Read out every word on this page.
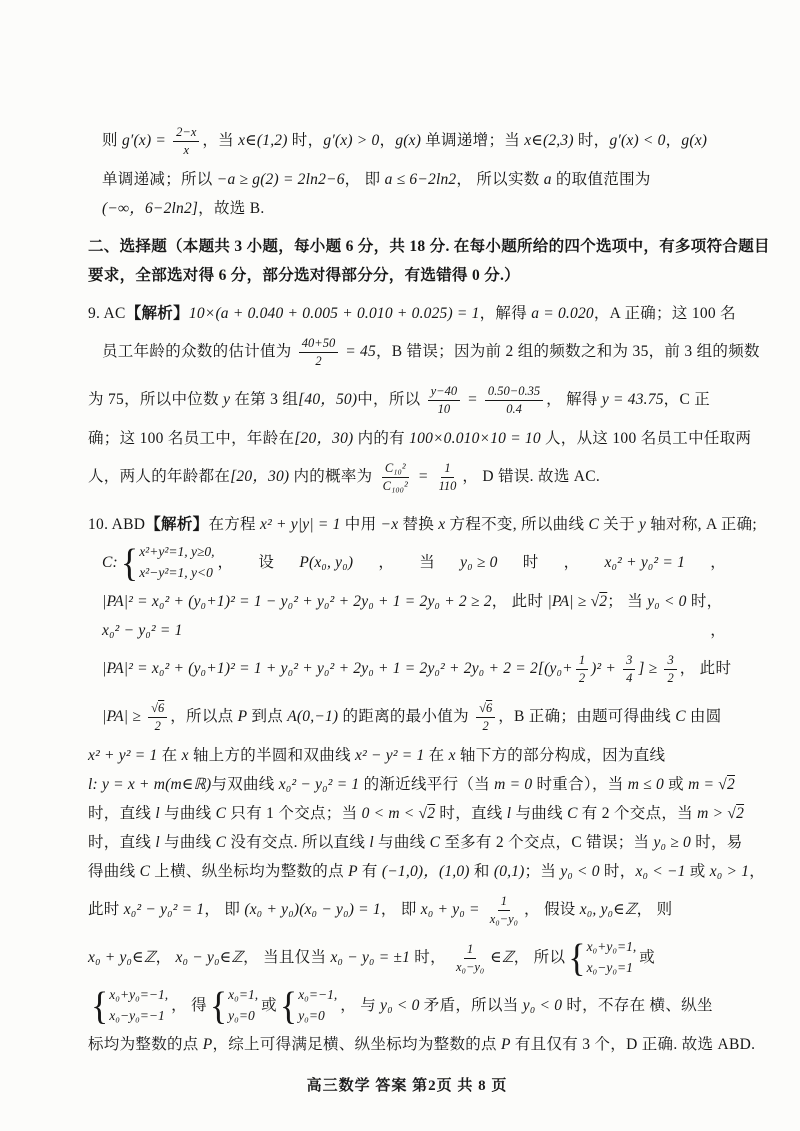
则 $g'(x) = \frac{2-x}{x}$ ，当 x∈(1,2) 时， g′(x) > 0 ， g(x) 单调递增；当 x∈(2,3) 时， g′(x) < 0 ， g(x)
单调递减；所以 −a ≥ g(2) = 2ln2−6 ， 即 a ≤ 6−2ln2 ， 所以实数 a 的取值范围为
(−∞，6−2ln2] ，故选 B.
二、选择题（本题共 3 小题，每小题 6 分，共 18 分. 在每小题所给的四个选项中，有多项符合题目
要求，全部选对得 6 分，部分选对得部分分，有选错得 0 分.）
9. AC 【解析】 10×(a + 0.040 + 0.005 + 0.010 + 0.025) = 1 ，解得 a = 0.020 ，A 正确；这 100 名
员工年龄的众数的估计值为 $\frac{40+50}{2} = 45$ ，B 错误；因为前 2 组的频数之和为 35，前 3 组的频数
为 75，所以中位数 y 在第 3 组 [40，50) 中，所以 $\frac{y-40}{10} = \frac{0.50-0.35}{0.4}$ ， 解得 y = 43.75 ，C 正
确；这 100 名员工中，年龄在 [20，30) 内的有 100×0.010×10 = 10 人，从这 100 名员工中任取两
人，两人的年龄都在 [20，30) 内的概率为 $\frac{\text{C₁₀²}}{\text{C₁₀₀²}} = \frac{1}{110}$ ， D 错误. 故选 AC.
10. ABD 【解析】 在方程 x² + y|y| = 1 中用 −x 替换 x 方程不变, 所以曲线 C 关于 y 轴对称, A 正确;
C: { x²+y²=1, y≥0,
x²−y²=1, y<0
， 设 P(x₀, y₀) ， 当 y₀ ≥ 0 时 ， x₀² + y₀² = 1 ，
|PA|² = x₀² + (y₀+1)² = 1 − y₀² + y₀² + 2y₀ + 1 = 2y₀ + 2 ≥ 2 ， 此时 |PA| ≥ √2 ； 当 y₀ < 0 时，
x₀² − y₀² = 1	，
$|PA|^2 = x_0^2 + (y_0+1)^2 = 1 + y_0^2 + y_0^2 + 2y_0 + 1 = 2y_0^2 + 2y_0 + 2 = 2[(y_0+ \frac{1}{2} )^2 + \frac{3}{4}$ ] ≥ $\frac{3}{2}$ ， 此时
$|PA| \ge \frac{√6}{2}$ ，所以点 P 到点 A(0,−1) 的距离的最小值为 $\frac{√6}{2}$ ，B 正确；由题可得曲线 C 由圆
x² + y² = 1 在 x 轴上方的半圆和双曲线 x² − y² = 1 在 x 轴下方的部分构成，因为直线
l: y = x + m(m∈ℝ) 与双曲线 x₀² − y₀² = 1 的渐近线平行（当 m = 0 时重合），当 m ≤ 0 或 m = √2
时，直线 l 与曲线 C 只有 1 个交点；当 0 < m < √2 时，直线 l 与曲线 C 有 2 个交点，当 m > √2
时，直线 l 与曲线 C 没有交点. 所以直线 l 与曲线 C 至多有 2 个交点，C 错误；当 y₀ ≥ 0 时，易
得曲线 C 上横、纵坐标均为整数的点 P 有 (−1,0)，(1,0) 和 (0,1) ；当 y₀ < 0 时， x₀ < −1 或 x₀ > 1 ，
此时 x₀² − y₀² = 1 ， 即 (x₀ + y₀)(x₀ − y₀) = 1 ， 即 $x_0 + y_0 = \frac{1}{\text{x₀−y₀}}$ ， 假设 x₀, y₀∈ℤ ， 则
x₀ + y₀∈ℤ ， x₀ − y₀∈ℤ ， 当且仅当 x₀ − y₀ = ±1 时， $\frac{1}{\text{x₀−y₀}}$ ∈ℤ ， 所以 { x₀+y₀=1,
x₀−y₀=1
或
{ x₀+y₀=−1,
x₀−y₀=−1
， 得 { x₀=1,
y₀=0
或 { x₀=−1,
y₀=0
， 与 y₀ < 0 矛盾，所以当 y₀ < 0 时，不存在 横、纵坐
标均为整数的点 P ，综上可得满足横、纵坐标均为整数的点 P 有且仅有 3 个，D 正确. 故选 ABD.
高三数学 答案 第2页 共 8 页
